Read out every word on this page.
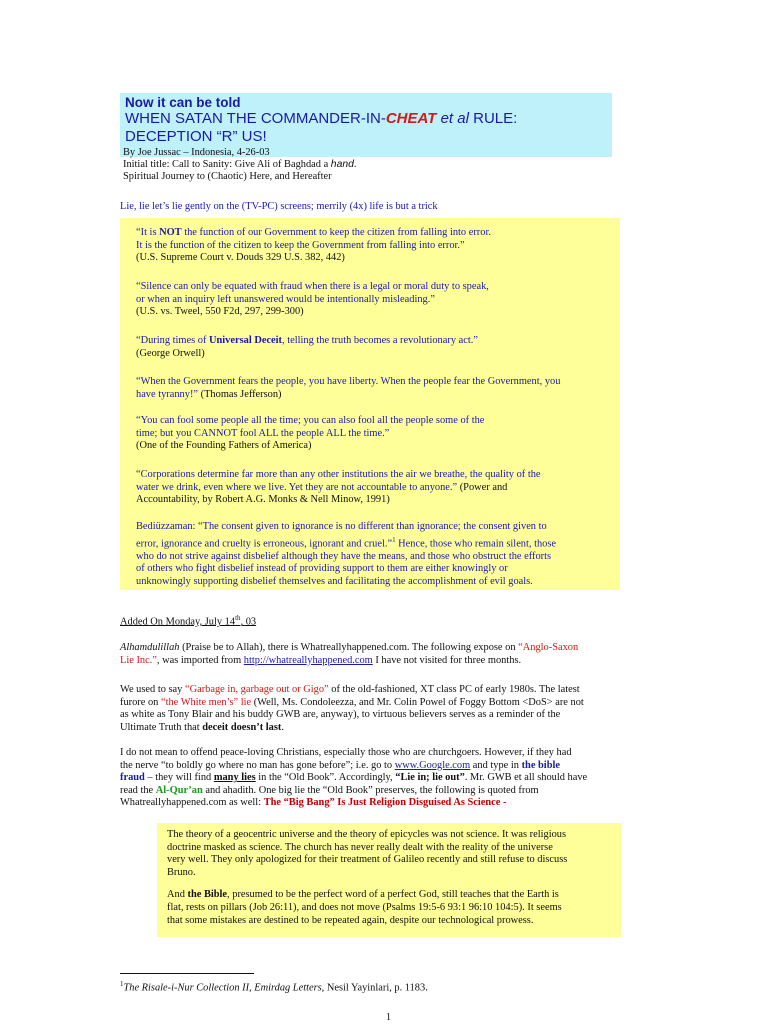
Now it can be told
WHEN SATAN THE COMMANDER-IN-CHEAT et al RULE:
DECEPTION “R” US!
By Joe Jussac – Indonesia, 4-26-03
Initial title: Call to Sanity: Give Ali of Baghdad a hand.
Spiritual Journey to (Chaotic) Here, and Hereafter
Lie, lie let’s lie gently on the (TV-PC) screens; merrily (4x) life is but a trick
“It is NOT the function of our Government to keep the citizen from falling into error.
It is the function of the citizen to keep the Government from falling into error.”
(U.S. Supreme Court v. Douds 329 U.S. 382, 442)
“Silence can only be equated with fraud when there is a legal or moral duty to speak,
or when an inquiry left unanswered would be intentionally misleading.”
(U.S. vs. Tweel, 550 F2d, 297, 299-300)
“During times of Universal Deceit, telling the truth becomes a revolutionary act.”
(George Orwell)
“When the Government fears the people, you have liberty. When the people fear the Government, you
have tyranny!” (Thomas Jefferson)
“You can fool some people all the time; you can also fool all the people some of the
time; but you CANNOT fool ALL the people ALL the time.”
(One of the Founding Fathers of America)
“Corporations determine far more than any other institutions the air we breathe, the quality of the
water we drink, even where we live. Yet they are not accountable to anyone.” (Power and
Accountability, by Robert A.G. Monks & Nell Minow, 1991)
Bediüzzaman: “The consent given to ignorance is no different than ignorance; the consent given to
error, ignorance and cruelty is erroneous, ignorant and cruel.”$^1$ Hence, those who remain silent, those
who do not strive against disbelief although they have the means, and those who obstruct the efforts
of others who fight disbelief instead of providing support to them are either knowingly or
unknowingly supporting disbelief themselves and facilitating the accomplishment of evil goals.
Added On Monday, July 14th, 03
Alhamdulillah (Praise be to Allah), there is Whatreallyhappened.com. The following expose on “Anglo-Saxon
Lie Inc.”, was imported from http://whatreallyhappened.com I have not visited for three months.
We used to say “Garbage in, garbage out or Gigo” of the old-fashioned, XT class PC of early 1980s. The latest
furore on “the White men’s” lie (Well, Ms. Condoleezza, and Mr. Colin Powel of Foggy Bottom <DoS> are not
as white as Tony Blair and his buddy GWB are, anyway), to virtuous believers serves as a reminder of the
Ultimate Truth that deceit doesn’t last.
I do not mean to offend peace-loving Christians, especially those who are churchgoers. However, if they had
the nerve “to boldly go where no man has gone before”; i.e. go to www.Google.com and type in the bible
fraud – they will find many lies in the “Old Book”. Accordingly, “Lie in; lie out”. Mr. GWB et all should have
read the Al-Qur’an and ahadith. One big lie the “Old Book” preserves, the following is quoted from
Whatreallyhappened.com as well: The “Big Bang” Is Just Religion Disguised As Science -
The theory of a geocentric universe and the theory of epicycles was not science. It was religious
doctrine masked as science. The church has never really dealt with the reality of the universe
very well. They only apologized for their treatment of Galileo recently and still refuse to discuss
Bruno.
And the Bible, presumed to be the perfect word of a perfect God, still teaches that the Earth is
flat, rests on pillars (Job 26:11), and does not move (Psalms 19:5-6 93:1 96:10 104:5). It seems
that some mistakes are destined to be repeated again, despite our technological prowess.
$^1$The Risale-i-Nur Collection II, Emirdag Letters, Nesil Yayinlari, p. 1183.
1
